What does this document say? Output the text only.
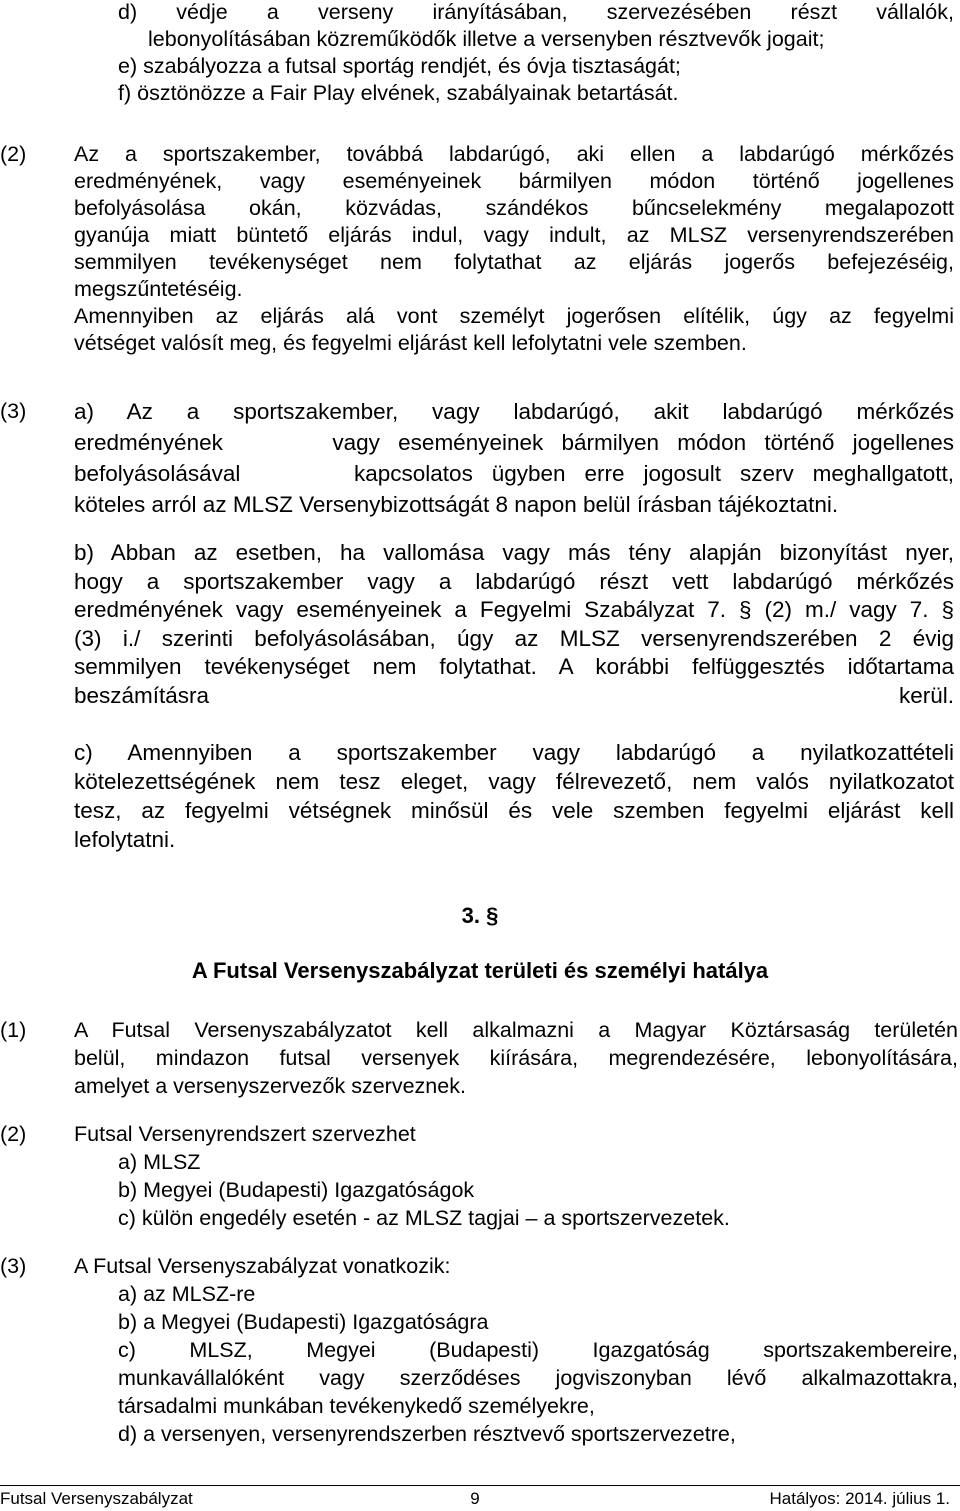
d) védje a verseny irányításában, szervezésében részt vállalók,
lebonyolításában közreműködők illetve a versenyben résztvevők jogait;
e) szabályozza a futsal sportág rendjét, és óvja tisztaságát;
f) ösztönözze a Fair Play elvének, szabályainak betartását.
(2) Az a sportszakember, továbbá labdarúgó, aki ellen a labdarúgó mérkőzés
eredményének, vagy eseményeinek bármilyen módon történő jogellenes
befolyásolása okán, közvádas, szándékos bűncselekmény megalapozott
gyanúja miatt büntető eljárás indul, vagy indult, az MLSZ versenyrendszerében
semmilyen tevékenységet nem folytathat az eljárás jogerős befejezéséig,
megszűntetéséig.
Amennyiben az eljárás alá vont személyt jogerősen elítélik, úgy az fegyelmi
vétséget valósít meg, és fegyelmi eljárást kell lefolytatni vele szemben.
(3) a) Az a sportszakember, vagy labdarúgó, akit labdarúgó mérkőzés
eredményének      vagy eseményeinek bármilyen módon történő jogellenes
befolyásolásával      kapcsolatos ügyben erre jogosult szerv meghallgatott,
köteles arról az MLSZ Versenybizottságát 8 napon belül írásban tájékoztatni.
b) Abban az esetben, ha vallomása vagy más tény alapján bizonyítást nyer,
hogy a sportszakember vagy a labdarúgó részt vett labdarúgó mérkőzés
eredményének vagy eseményeinek a Fegyelmi Szabályzat 7. § (2) m./ vagy 7. §
(3) i./ szerinti befolyásolásában, úgy az MLSZ versenyrendszerében 2 évig
semmilyen tevékenységet nem folytathat. A korábbi felfüggesztés időtartama
beszámításra kerül.
c) Amennyiben a sportszakember vagy labdarúgó a nyilatkozattételi
kötelezettségének nem tesz eleget, vagy félrevezető, nem valós nyilatkozatot
tesz, az fegyelmi vétségnek minősül és vele szemben fegyelmi eljárást kell
lefolytatni.
3. §
A Futsal Versenyszabályzat területi és személyi hatálya
(1) A Futsal Versenyszabályzatot kell alkalmazni a Magyar Köztársaság területén
belül, mindazon futsal versenyek kiírására, megrendezésére, lebonyolítására,
amelyet a versenyszervezők szerveznek.
(2) Futsal Versenyrendszert szervezhet
a) MLSZ
b) Megyei (Budapesti) Igazgatóságok
c) külön engedély esetén - az MLSZ tagjai – a sportszervezetek.
(3) A Futsal Versenyszabályzat vonatkozik:
a) az MLSZ-re
b) a Megyei (Budapesti) Igazgatóságra
c) MLSZ, Megyei (Budapesti) Igazgatóság sportszakembereire,
munkavállalóként vagy szerződéses jogviszonyban lévő alkalmazottakra,
társadalmi munkában tevékenykedő személyekre,
d) a versenyen, versenyrendszerben résztvevő sportszervezetre,
Futsal Versenyszabályzat	9	Hatályos: 2014. július 1.
